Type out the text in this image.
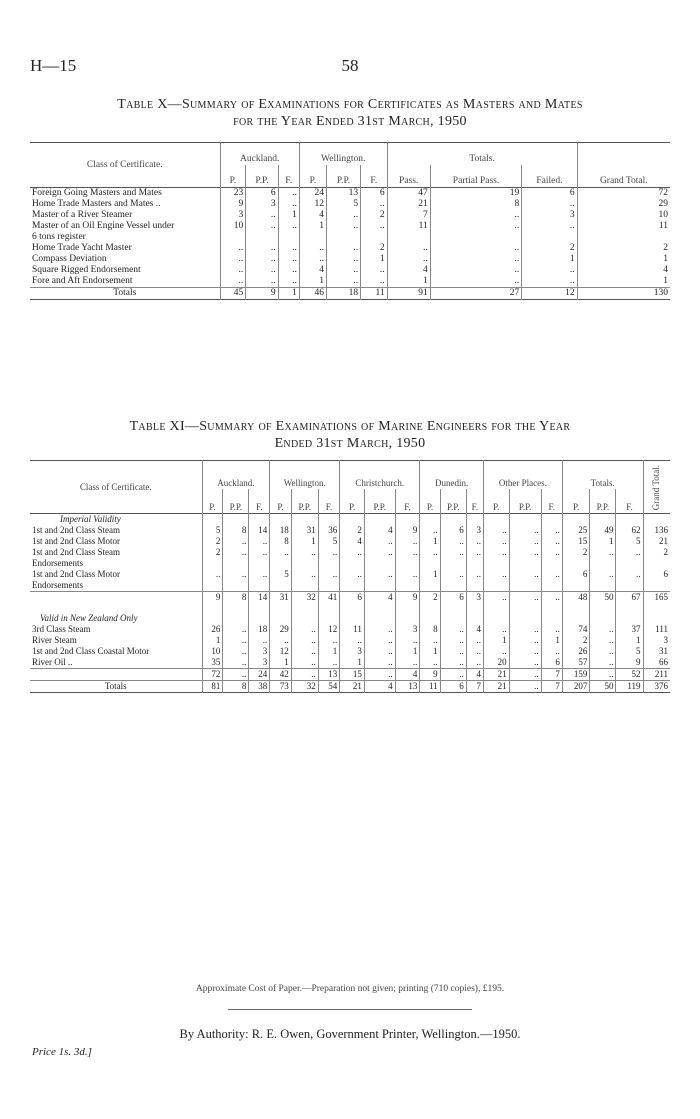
H—15	58
Table X—Summary of Examinations for Certificates as Masters and Mates
for the Year Ended 31st March, 1950
Class of Certificate.	Auckland.			Wellington.			Totals.			Grand Total.
	P.	P.P.	F.	P.	P.P.	F.	Pass.	Partial Pass.	Failed.	
Foreign Going Masters and Mates	23	6	..	24	13	6	47	19	6	72
Home Trade Masters and Mates ..	9	3	..	12	5	..	21	8	..	29
Master of a River Steamer	3	..	1	4	..	2	7	..	3	10
Master of an Oil Engine Vessel under	10	..	..	1	..	..	11	..	..	11
6 tons register										
Home Trade Yacht Master	..	..	..	..	..	2	..	..	2	2
Compass Deviation	..	..	..	..	..	1	..	..	1	1
Square Rigged Endorsement	..	..	..	4	..	..	4	..	..	4
Fore and Aft Endorsement	..	..	..	1	..	..	1	..	..	1
Totals	45	9	1	46	18	11	91	27	12	130
Table XI—Summary of Examinations of Marine Engineers for the Year
Ended 31st March, 1950
Class of Certificate.	Auckland.			Wellington.			Christchurch.			Dunedin.			Other Places.			Totals.			Grand Total.
	P.	P.P.	F.	P.	P.P.	F.	P.	P.P.	F.	P.	P.P.	F.	P.	P.P.	F.	P.	P.P.	F.	
Imperial Validity																			
1st and 2nd Class Steam	5	8	14	18	31	36	2	4	9	..	6	3	..	..	..	25	49	62	136
1st and 2nd Class Motor	2	..	..	8	1	5	4	..	..	1	..	..	..	..	..	15	1	5	21
1st and 2nd Class Steam	2	..	..	..	..	..	..	..	..	..	..	..	..	..	..	2	..	..	2
Endorsements																			
1st and 2nd Class Motor	..	..	..	5	..	..	..	..	..	1	..	..	..	..	..	6	..	..	6
Endorsements																			
	9	8	14	31	32	41	6	4	9	2	6	3	..	..	..	48	50	67	165
Valid in New Zealand Only																			
3rd Class Steam	26	..	18	29	..	12	11	..	3	8	..	4	..	..	..	74	..	37	111
River Steam	1	..	..	..	..	..	..	..	..	..	..	..	1	..	1	2	..	1	3
1st and 2nd Class Coastal Motor	10	..	3	12	..	1	3	..	1	1	..	..	..	..	..	26	..	5	31
River Oil ..	35	..	3	1	..	..	1	..	..	..	..	..	20	..	6	57	..	9	66
	72	..	24	42	..	13	15	..	4	9	..	4	21	..	7	159	..	52	211
Totals	81	8	38	73	32	54	21	4	13	11	6	7	21	..	7	207	50	119	376
Approximate Cost of Paper.—Preparation not given; printing (710 copies), £195.
By Authority: R. E. Owen, Government Printer, Wellington.—1950.
Price 1s. 3d.]
